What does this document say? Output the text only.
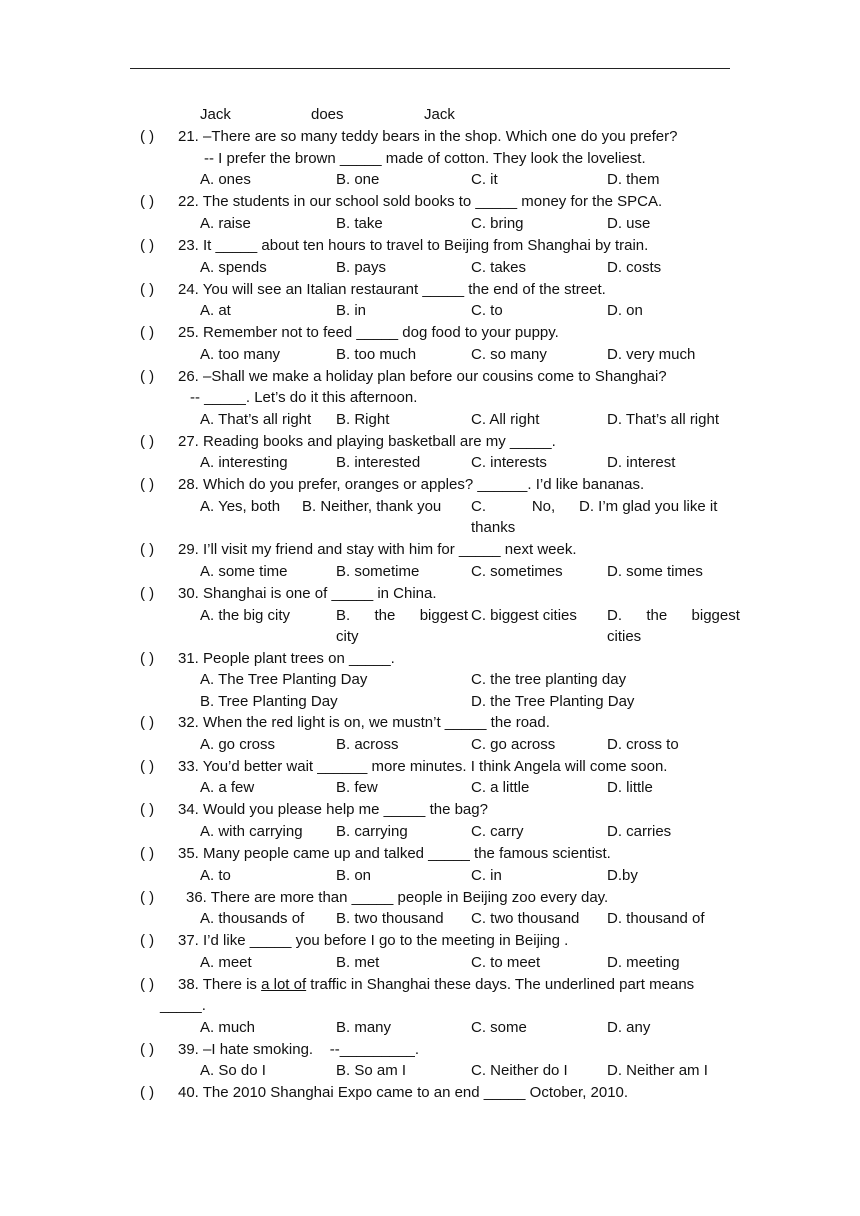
Jack	does	Jack
( ) 21. –There are so many teddy bears in the shop. Which one do you prefer?
-- I prefer the brown _____ made of cotton. They look the loveliest.
A. ones	B. one	C. it	D. them
( ) 22. The students in our school sold books to _____ money for the SPCA.
A. raise	B. take	C. bring	D. use
( ) 23. It _____ about ten hours to travel to Beijing from Shanghai by train.
A. spends	B. pays	C. takes	D. costs
( ) 24. You will see an Italian restaurant _____ the end of the street.
A. at	B. in	C. to	D. on
( ) 25. Remember not to feed _____ dog food to your puppy.
A. too many	B. too much	C. so many	D. very much
( ) 26. –Shall we make a holiday plan before our cousins come to Shanghai?
-- _____. Let’s do it this afternoon.
A. That’s all right B. Right	C. All right	D. That’s all right
( ) 27. Reading books and playing basketball are my _____.
A. interesting	B. interested	C. interests	D. interest
( ) 28. Which do you prefer, oranges or apples? ______. I’d like bananas.
A. Yes, both B. Neither, thank you C.           No, D. I’m glad you like it
thanks
( ) 29. I’ll visit my friend and stay with him for _____ next week.
A. some time	B. sometime	C. sometimes	D. some times
( ) 30. Shanghai is one of _____ in China.
A. the big city	B.  the  biggest C. biggest cities D.  the  biggest
city	cities
( ) 31. People plant trees on _____.
A. The Tree Planting Day	C. the tree planting day
B. Tree Planting Day	D. the Tree Planting Day
( ) 32. When the red light is on, we mustn’t _____ the road.
A. go cross	B. across	C. go across	D. cross to
( ) 33. You’d better wait ______ more minutes. I think Angela will come soon.
A. a few	B. few	C. a little	D. little
( ) 34. Would you please help me _____ the bag?
A. with carrying B. carrying	C. carry	D. carries
( ) 35. Many people came up and talked _____ the famous scientist.
A. to	B. on	C. in	D.by
( ) 36. There are more than _____ people in Beijing zoo every day.
A. thousands of B. two thousand C. two thousand D. thousand of
( ) 37. I’d like _____ you before I go to the meeting in Beijing .
A. meet	B. met	C. to meet	D. meeting
( ) 38. There is a lot of traffic in Shanghai these days. The underlined part means
_____.
A. much	B. many	C. some	D. any
( ) 39. –I hate smoking.    --_________.
A. So do I	B. So am I	C. Neither do I	D. Neither am I
( ) 40. The 2010 Shanghai Expo came to an end _____ October, 2010.
